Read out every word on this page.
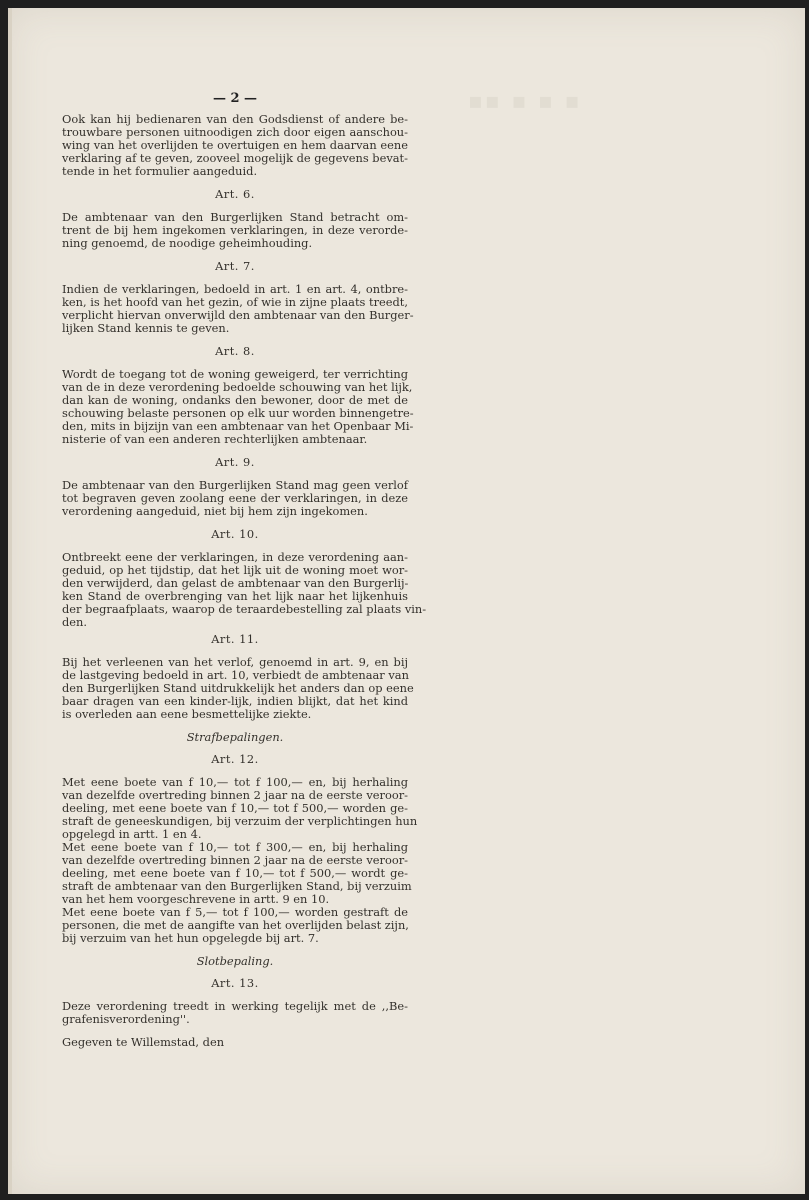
▪▪ ▪ ▪ ▪
— 2 —
Ook kan hij bedienaren van den Godsdienst of andere be-
trouwbare personen uitnoodigen zich door eigen aanschou-
wing van het overlijden te overtuigen en hem daarvan eene
verklaring af te geven, zooveel mogelijk de gegevens bevat-
tende in het formulier aangeduid.
Art. 6.
De ambtenaar van den Burgerlijken Stand betracht om-
trent de bij hem ingekomen verklaringen, in deze verorde-
ning genoemd, de noodige geheimhouding.
Art. 7.
Indien de verklaringen, bedoeld in art. 1 en art. 4, ontbre-
ken, is het hoofd van het gezin, of wie in zijne plaats treedt,
verplicht hiervan onverwijld den ambtenaar van den Burger-
lijken Stand kennis te geven.
Art. 8.
Wordt de toegang tot de woning geweigerd, ter verrichting
van de in deze verordening bedoelde schouwing van het lijk,
dan kan de woning, ondanks den bewoner, door de met de
schouwing belaste personen op elk uur worden binnengetre-
den, mits in bijzijn van een ambtenaar van het Openbaar Mi-
nisterie of van een anderen rechterlijken ambtenaar.
Art. 9.
De ambtenaar van den Burgerlijken Stand mag geen verlof
tot begraven geven zoolang eene der verklaringen, in deze
verordening aangeduid, niet bij hem zijn ingekomen.
Art. 10.
Ontbreekt eene der verklaringen, in deze verordening aan-
geduid, op het tijdstip, dat het lijk uit de woning moet wor-
den verwijderd, dan gelast de ambtenaar van den Burgerlij-
ken Stand de overbrenging van het lijk naar het lijkenhuis
der begraafplaats, waarop de teraardebestelling zal plaats vin-
den.
Art. 11.
Bij het verleenen van het verlof, genoemd in art. 9, en bij
de lastgeving bedoeld in art. 10, verbiedt de ambtenaar van
den Burgerlijken Stand uitdrukkelijk het anders dan op eene
baar dragen van een kinder-lijk, indien blijkt, dat het kind
is overleden aan eene besmettelijke ziekte.
Strafbepalingen.
Art. 12.
Met eene boete van f 10,— tot f 100,— en, bij herhaling
van dezelfde overtreding binnen 2 jaar na de eerste veroor-
deeling, met eene boete van f 10,— tot f 500,— worden ge-
straft de geneeskundigen, bij verzuim der verplichtingen hun
opgelegd in artt. 1 en 4.
Met eene boete van f 10,— tot f 300,— en, bij herhaling
van dezelfde overtreding binnen 2 jaar na de eerste veroor-
deeling, met eene boete van f 10,— tot f 500,— wordt ge-
straft de ambtenaar van den Burgerlijken Stand, bij verzuim
van het hem voorgeschrevene in artt. 9 en 10.
Met eene boete van f 5,— tot f 100,— worden gestraft de
personen, die met de aangifte van het overlijden belast zijn,
bij verzuim van het hun opgelegde bij art. 7.
Slotbepaling.
Art. 13.
Deze verordening treedt in werking tegelijk met de ,,Be-
grafenisverordening''.
Gegeven te Willemstad, den
